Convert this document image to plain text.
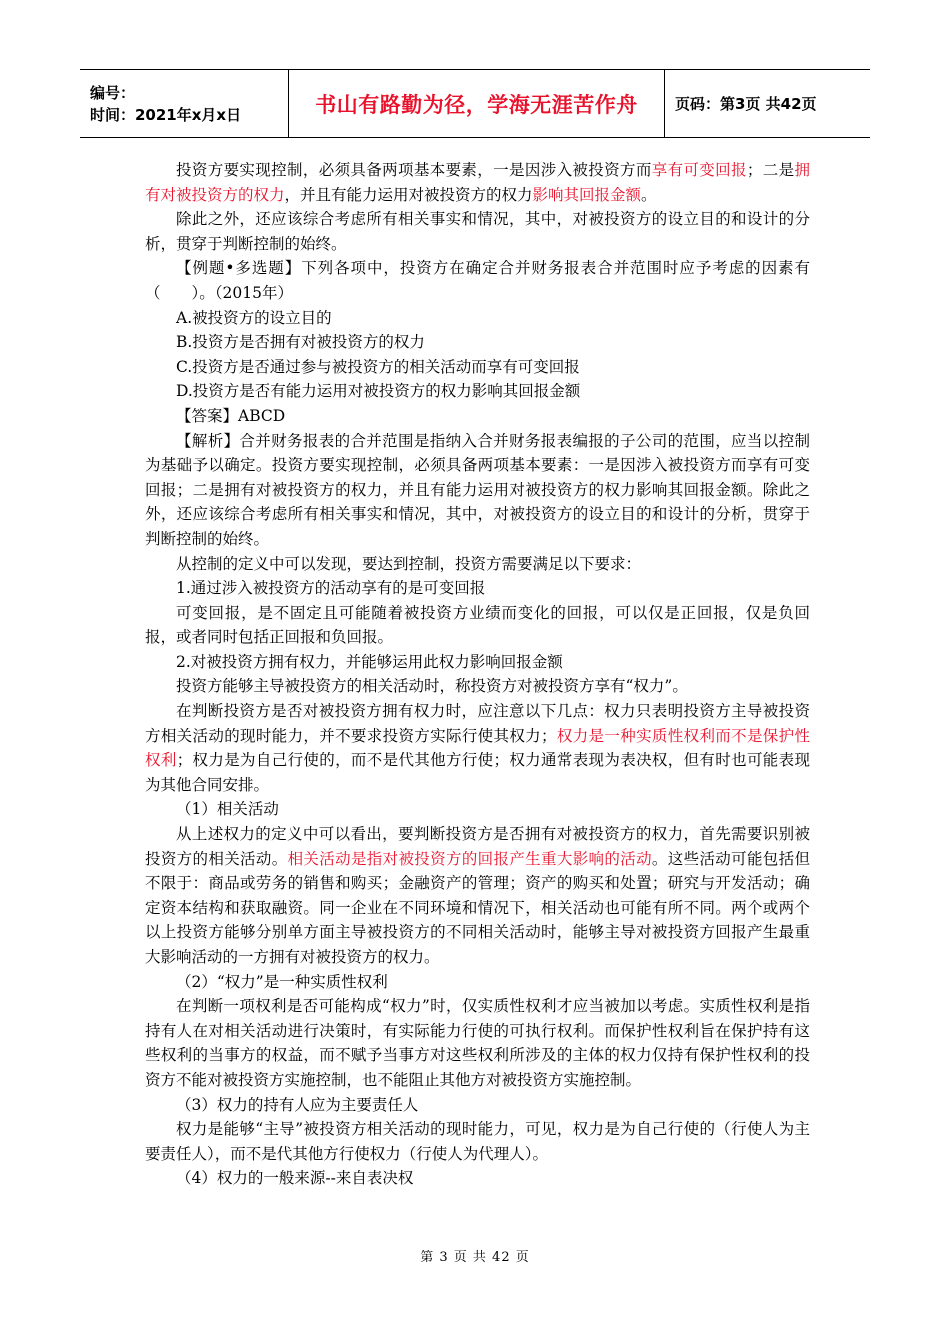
编号：
时间：2021年x月x日	书山有路勤为径，学海无涯苦作舟 页码：第3页 共42页

投资方要实现控制，必须具备两项基本要素，一是因涉入被投资方而享有可变回报；二是拥有对被投资方的权力，并且有能力运用对被投资方的权力影响其回报金额。

除此之外，还应该综合考虑所有相关事实和情况，其中，对被投资方的设立目的和设计的分析，贯穿于判断控制的始终。

【例题•多选题】下列各项中，投资方在确定合并财务报表合并范围时应予考虑的因素有（　　）。（2015年）

A.被投资方的设立目的

B.投资方是否拥有对被投资方的权力

C.投资方是否通过参与被投资方的相关活动而享有可变回报

D.投资方是否有能力运用对被投资方的权力影响其回报金额

【答案】ABCD

【解析】合并财务报表的合并范围是指纳入合并财务报表编报的子公司的范围，应当以控制为基础予以确定。投资方要实现控制，必须具备两项基本要素：一是因涉入被投资方而享有可变回报；二是拥有对被投资方的权力，并且有能力运用对被投资方的权力影响其回报金额。除此之外，还应该综合考虑所有相关事实和情况，其中，对被投资方的设立目的和设计的分析，贯穿于判断控制的始终。

从控制的定义中可以发现，要达到控制，投资方需要满足以下要求：

1.通过涉入被投资方的活动享有的是可变回报

可变回报，是不固定且可能随着被投资方业绩而变化的回报，可以仅是正回报，仅是负回报，或者同时包括正回报和负回报。

2.对被投资方拥有权力，并能够运用此权力影响回报金额

投资方能够主导被投资方的相关活动时，称投资方对被投资方享有“权力”。

在判断投资方是否对被投资方拥有权力时，应注意以下几点：权力只表明投资方主导被投资方相关活动的现时能力，并不要求投资方实际行使其权力；权力是一种实质性权利而不是保护性权利；权力是为自己行使的，而不是代其他方行使；权力通常表现为表决权，但有时也可能表现为其他合同安排。

（1）相关活动

从上述权力的定义中可以看出，要判断投资方是否拥有对被投资方的权力，首先需要识别被投资方的相关活动。相关活动是指对被投资方的回报产生重大影响的活动。这些活动可能包括但不限于：商品或劳务的销售和购买；金融资产的管理；资产的购买和处置；研究与开发活动；确定资本结构和获取融资。同一企业在不同环境和情况下，相关活动也可能有所不同。两个或两个以上投资方能够分别单方面主导被投资方的不同相关活动时，能够主导对被投资方回报产生最重大影响活动的一方拥有对被投资方的权力。

（2）“权力”是一种实质性权利

在判断一项权利是否可能构成“权力”时，仅实质性权利才应当被加以考虑。实质性权利是指持有人在对相关活动进行决策时，有实际能力行使的可执行权利。而保护性权利旨在保护持有这些权利的当事方的权益，而不赋予当事方对这些权利所涉及的主体的权力仅持有保护性权利的投资方不能对被投资方实施控制，也不能阻止其他方对被投资方实施控制。

（3）权力的持有人应为主要责任人

权力是能够“主导”被投资方相关活动的现时能力，可见，权力是为自己行使的（行使人为主要责任人），而不是代其他方行使权力（行使人为代理人）。

（4）权力的一般来源--来自表决权

第 3 页 共 42 页
